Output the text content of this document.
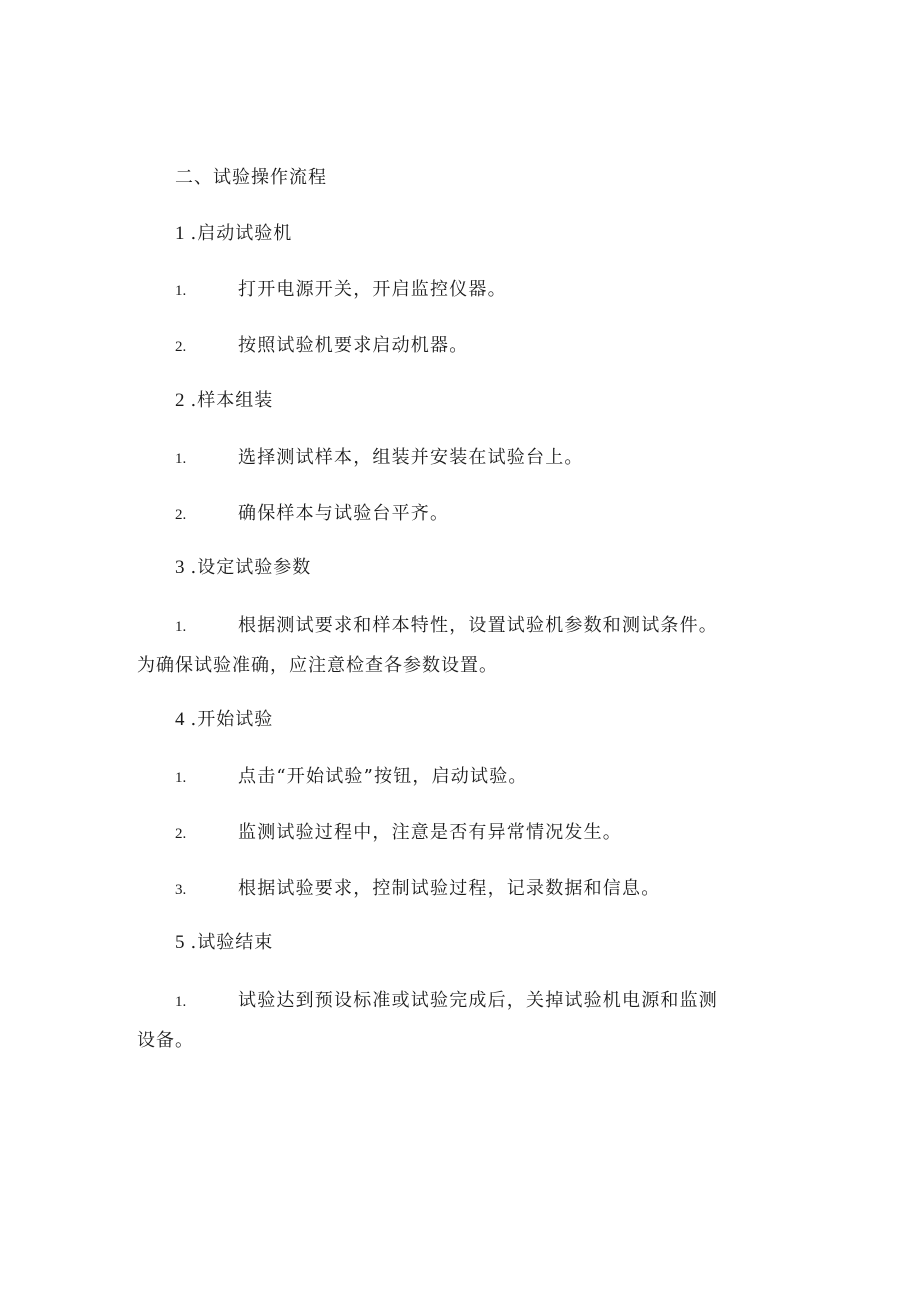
二、试验操作流程
1 .启动试验机
1.	打开电源开关，开启监控仪器。
2.	按照试验机要求启动机器。
2 .样本组装
1.	选择测试样本，组装并安装在试验台上。
2.	确保样本与试验台平齐。
3 .设定试验参数
1.	根据测试要求和样本特性，设置试验机参数和测试条件。
为确保试验准确，应注意检查各参数设置。
4 .开始试验
1.	点击“开始试验”按钮，启动试验。
2.	监测试验过程中，注意是否有异常情况发生。
3.	根据试验要求，控制试验过程，记录数据和信息。
5 .试验结束
1.	试验达到预设标准或试验完成后，关掉试验机电源和监测
设备。
